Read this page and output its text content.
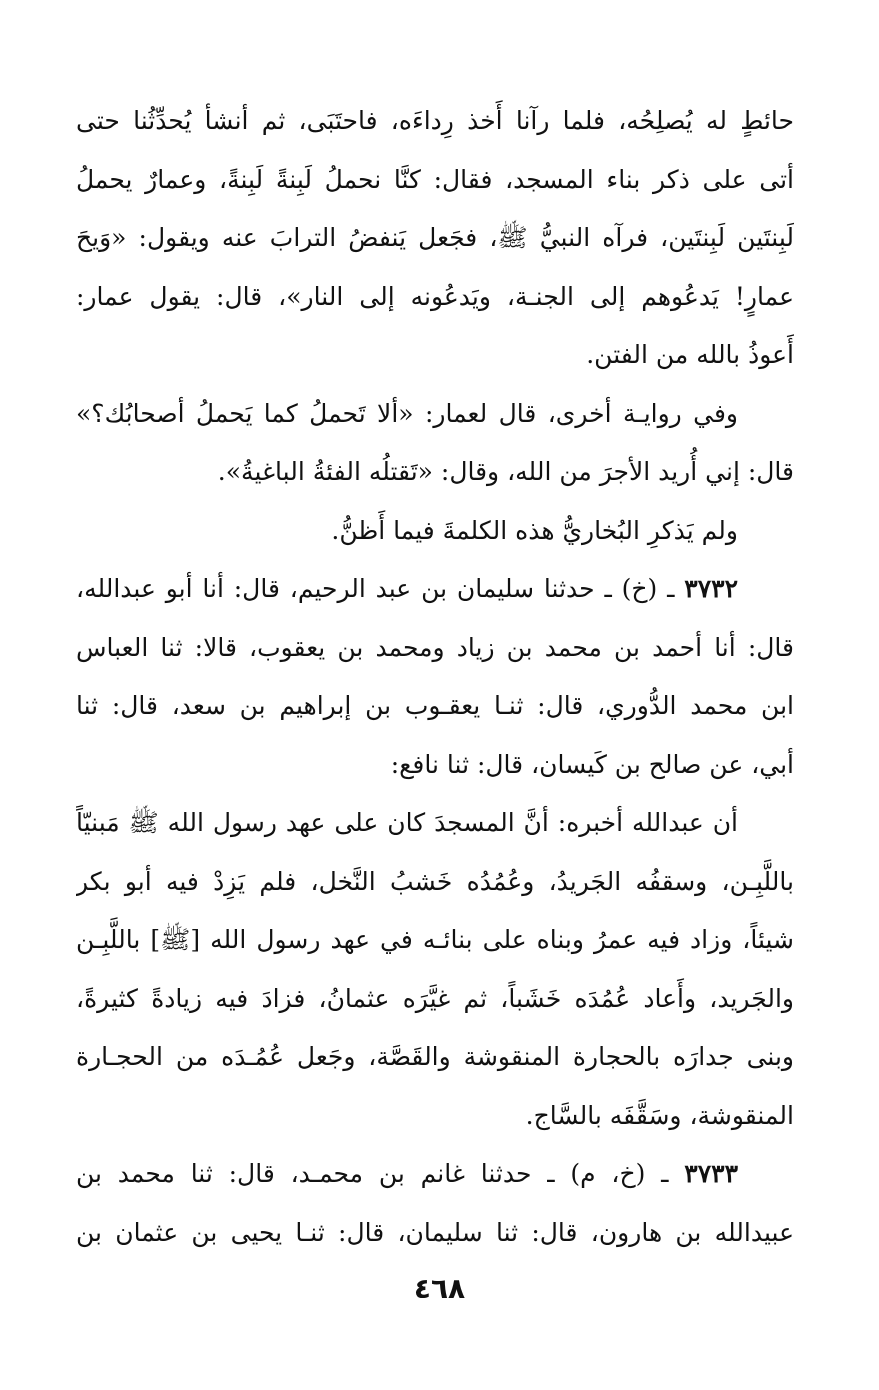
حائطٍ له يُصلِحُه، فلما رآنا أَخذ رِداءَه، فاحتَبَى، ثم أنشأ يُحدِّثُنا حتى
أتى على ذكر بناء المسجد، فقال: كنَّا نحملُ لَبِنةً لَبِنةً، وعمارٌ يحملُ
لَبِنتَين لَبِنتَين، فرآه النبيُّ ﷺ، فجَعل يَنفضُ الترابَ عنه ويقول: «وَيحَ
عمارٍ! يَدعُوهم إلى الجنـة، ويَدعُونه إلى النار»، قال: يقول عمار:
أَعوذُ بالله من الفتن.

وفي روايـة أخرى، قال لعمار: «ألا تَحملُ كما يَحملُ أصحابُك؟»
قال: إني أُريد الأجرَ من الله، وقال: «تَقتلُه الفئةُ الباغيةُ».

ولم يَذكرِ البُخاريُّ هذه الكلمةَ فيما أَظنُّ.

٣٧٣٢ ـ (خ) ـ حدثنا سليمان بن عبد الرحيم، قال: أنا أبو عبدالله،
قال: أنا أحمد بن محمد بن زياد ومحمد بن يعقوب، قالا: ثنا العباس
ابن محمد الدُّوري، قال: ثنـا يعقـوب بن إبراهيم بن سعد، قال: ثنا
أبي، عن صالح بن كَيسان، قال: ثنا نافع:

أن عبدالله أخبره: أنَّ المسجدَ كان على عهد رسول الله ﷺ مَبنيّاً
باللَّبِـن، وسقفُه الجَريدُ، وعُمُدُه خَشبُ النَّخل، فلم يَزِدْ فيه أبو بكر
شيئاً، وزاد فيه عمرُ وبناه على بنائـه في عهد رسول الله [ﷺ] باللَّبِـن
والجَريد، وأَعاد عُمُدَه خَشَباً، ثم غيَّرَه عثمانُ، فزادَ فيه زيادةً كثيرةً،
وبنى جدارَه بالحجارة المنقوشة والقَصَّة، وجَعل عُمُـدَه من الحجـارة
المنقوشة، وسَقَّفَه بالسَّاج.

٣٧٣٣ ـ (خ، م) ـ حدثنا غانم بن محمـد، قال: ثنا محمد بن
عبيدالله بن هارون، قال: ثنا سليمان، قال: ثنـا يحيى بن عثمان بن

٤٦٨
